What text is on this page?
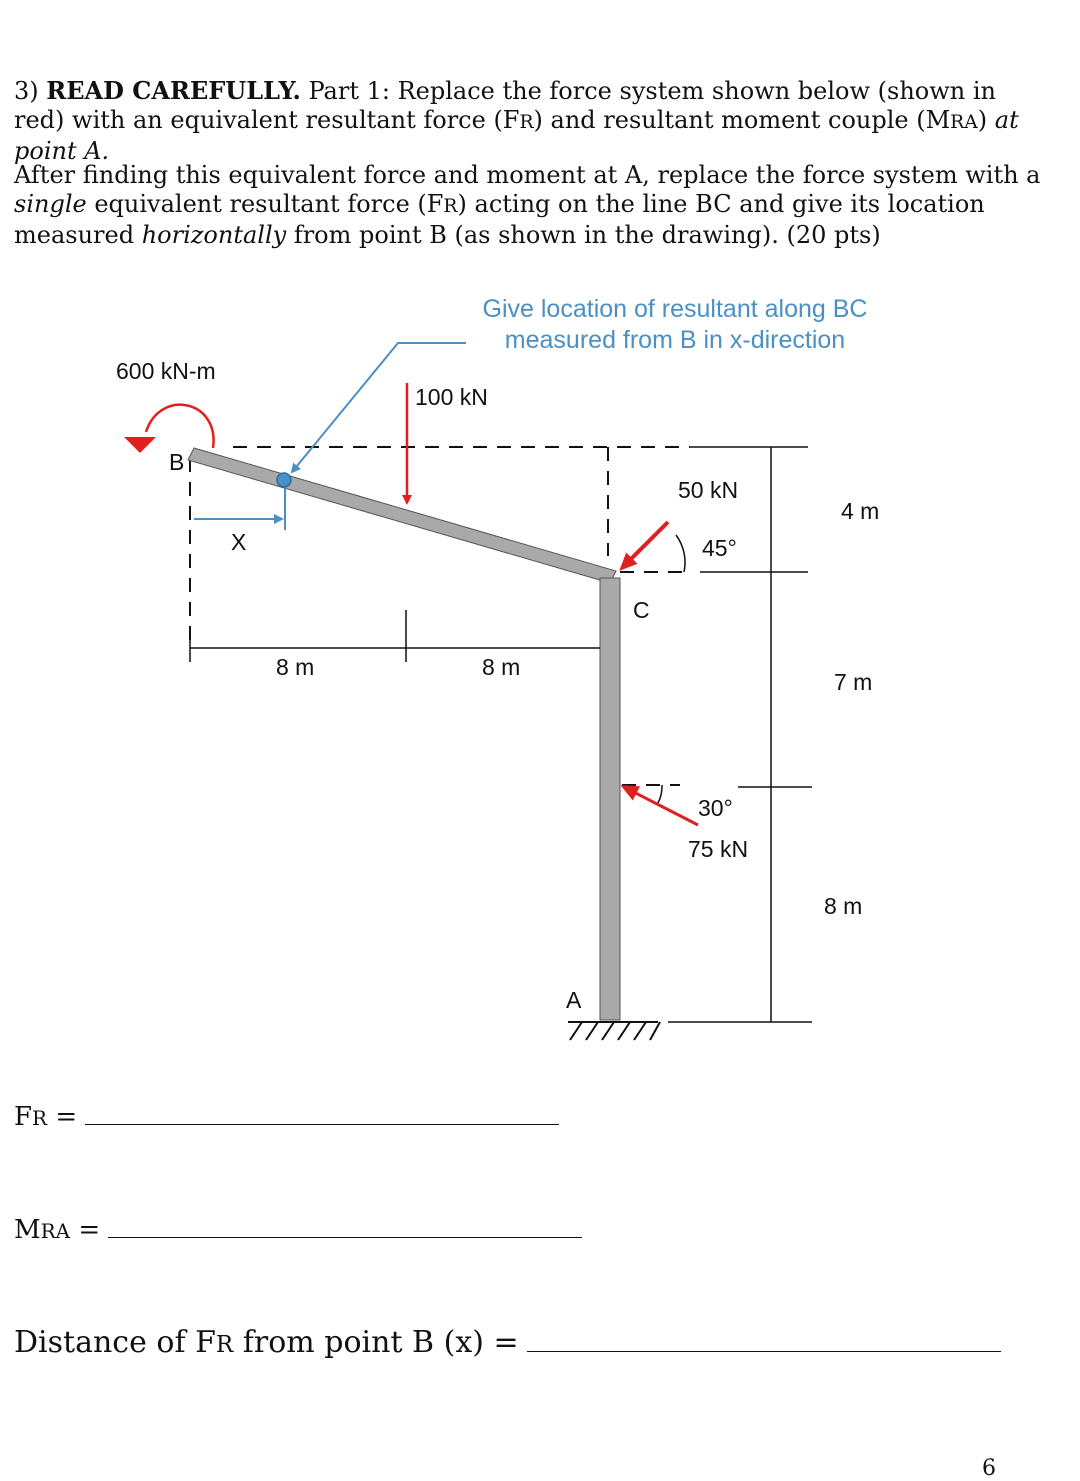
3) READ CAREFULLY. Part 1: Replace the force system shown below (shown in red) with an equivalent resultant force (FR) and resultant moment couple (MRA) at point A.

After finding this equivalent force and moment at A, replace the force system with a single equivalent resultant force (FR) acting on the line BC and give its location measured horizontally from point B (as shown in the drawing). (20 pts)

Give location of resultant along BC
measured from B in x-direction
600 kN-m
100 kN
50 kN
45°
30°
75 kN
B
C
A
X
8 m	8 m
4 m
7 m
8 m
FR =
MRA =
Distance of FR from point B (x) =
6
